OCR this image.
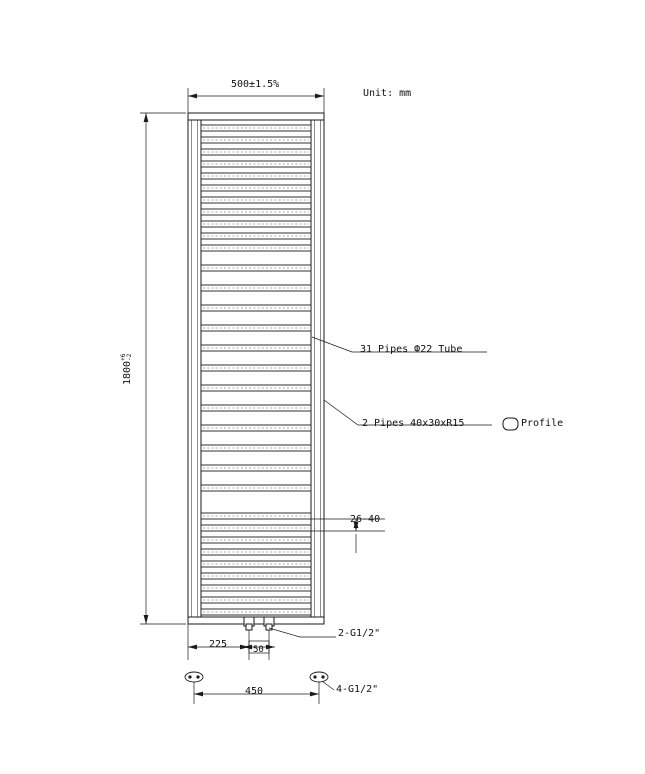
500±1.5%
Unit: mm
1800
+6 -2
31 Pipes Ф22 Tube
2 Pipes 40x30xR15	Profile
26-40
225	50
2-G1/2"
450	4-G1/2"
